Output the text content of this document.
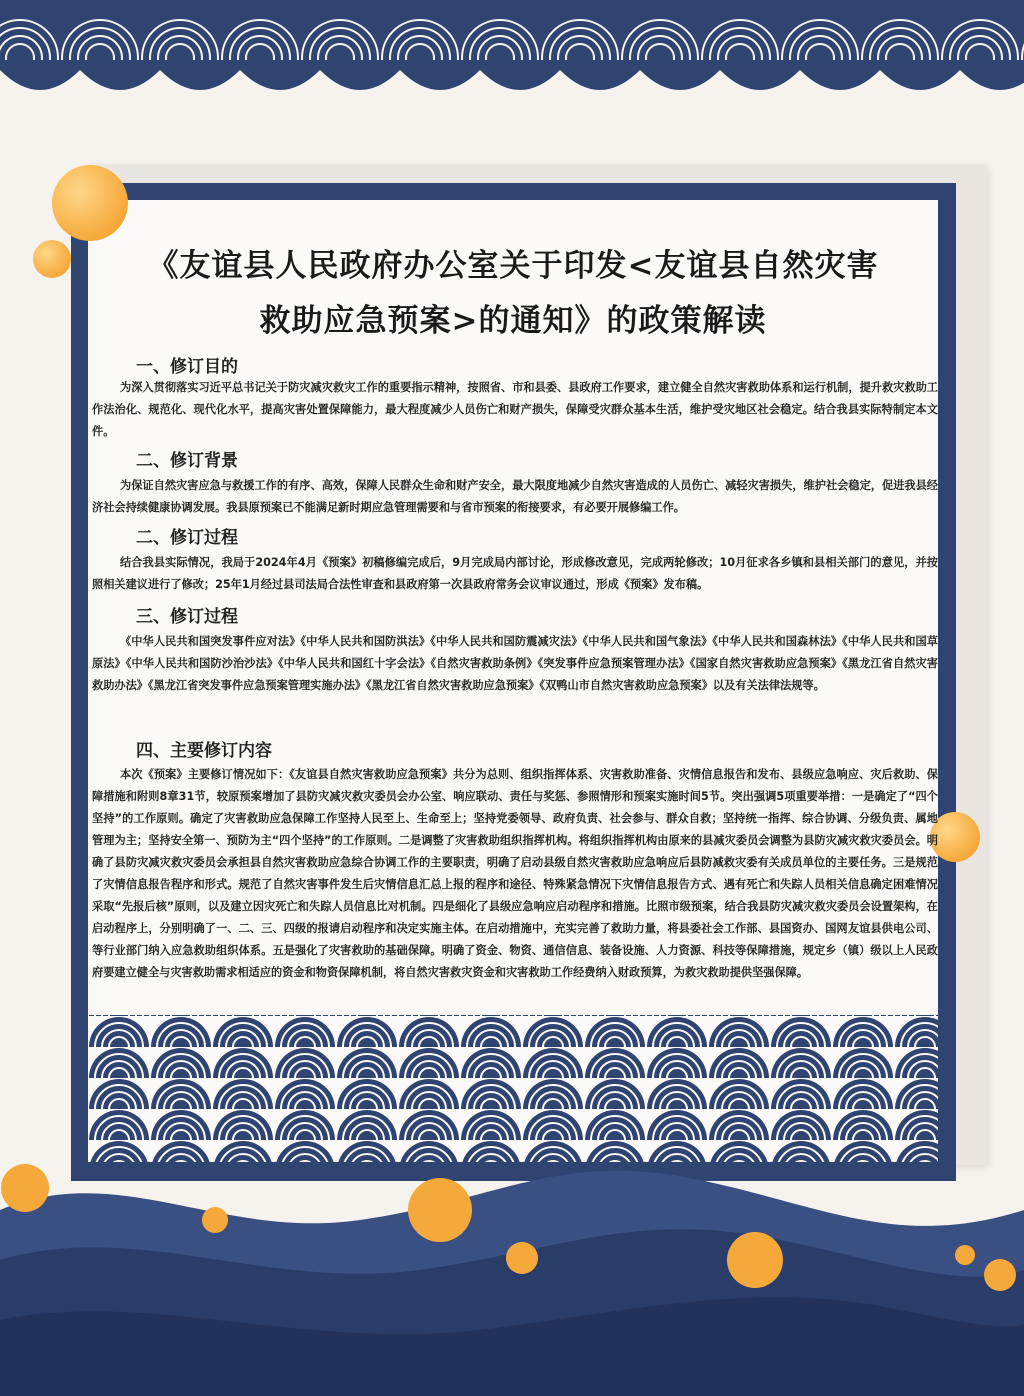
《友谊县人民政府办公室关于印发<友谊县自然灾害
救助应急预案>的通知》的政策解读
一、修订目的
为深入贯彻落实习近平总书记关于防灾减灾救灾工作的重要指示精神，按照省、市和县委、县政府工作要求，建立健全自然灾害救助体系和运行机制，提升救灾救助工作法治化、规范化、现代化水平，提高灾害处置保障能力，最大程度减少人员伤亡和财产损失，保障受灾群众基本生活，维护受灾地区社会稳定。结合我县实际特制定本文件。
二、修订背景
为保证自然灾害应急与救援工作的有序、高效，保障人民群众生命和财产安全，最大限度地减少自然灾害造成的人员伤亡、减轻灾害损失，维护社会稳定，促进我县经济社会持续健康协调发展。我县原预案已不能满足新时期应急管理需要和与省市预案的衔接要求，有必要开展修编工作。
二、修订过程
结合我县实际情况，我局于2024年4月《预案》初稿修编完成后，9月完成局内部讨论，形成修改意见，完成两轮修改；10月征求各乡镇和县相关部门的意见，并按照相关建议进行了修改；25年1月经过县司法局合法性审查和县政府第一次县政府常务会议审议通过，形成《预案》发布稿。
三、修订过程
《中华人民共和国突发事件应对法》《中华人民共和国防洪法》《中华人民共和国防震减灾法》《中华人民共和国气象法》《中华人民共和国森林法》《中华人民共和国草原法》《中华人民共和国防沙治沙法》《中华人民共和国红十字会法》《自然灾害救助条例》《突发事件应急预案管理办法》《国家自然灾害救助应急预案》《黑龙江省自然灾害救助办法》《黑龙江省突发事件应急预案管理实施办法》《黑龙江省自然灾害救助应急预案》《双鸭山市自然灾害救助应急预案》以及有关法律法规等。
四、主要修订内容
本次《预案》主要修订情况如下：《友谊县自然灾害救助应急预案》共分为总则、组织指挥体系、灾害救助准备、灾情信息报告和发布、县级应急响应、灾后救助、保障措施和附则8章31节，较原预案增加了县防灾减灾救灾委员会办公室、响应联动、责任与奖惩、参照情形和预案实施时间5节。突出强调5项重要举措：一是确定了“四个坚持”的工作原则。确定了灾害救助应急保障工作坚持人民至上、生命至上；坚持党委领导、政府负责、社会参与、群众自救；坚持统一指挥、综合协调、分级负责、属地管理为主；坚持安全第一、预防为主“四个坚持”的工作原则。二是调整了灾害救助组织指挥机构。将组织指挥机构由原来的县减灾委员会调整为县防灾减灾救灾委员会。明确了县防灾减灾救灾委员会承担县自然灾害救助应急综合协调工作的主要职责，明确了启动县级自然灾害救助应急响应后县防减救灾委有关成员单位的主要任务。三是规范了灾情信息报告程序和形式。规范了自然灾害事件发生后灾情信息汇总上报的程序和途径、特殊紧急情况下灾情信息报告方式、遇有死亡和失踪人员相关信息确定困难情况采取“先报后核”原则，以及建立因灾死亡和失踪人员信息比对机制。四是细化了县级应急响应启动程序和措施。比照市级预案，结合我县防灾减灾救灾委员会设置架构，在启动程序上，分别明确了一、二、三、四级的报请启动程序和决定实施主体。在启动措施中，充实完善了救助力量，将县委社会工作部、县国资办、国网友谊县供电公司、等行业部门纳入应急救助组织体系。五是强化了灾害救助的基础保障。明确了资金、物资、通信信息、装备设施、人力资源、科技等保障措施，规定乡（镇）级以上人民政府要建立健全与灾害救助需求相适应的资金和物资保障机制，将自然灾害救灾资金和灾害救助工作经费纳入财政预算，为救灾救助提供坚强保障。
